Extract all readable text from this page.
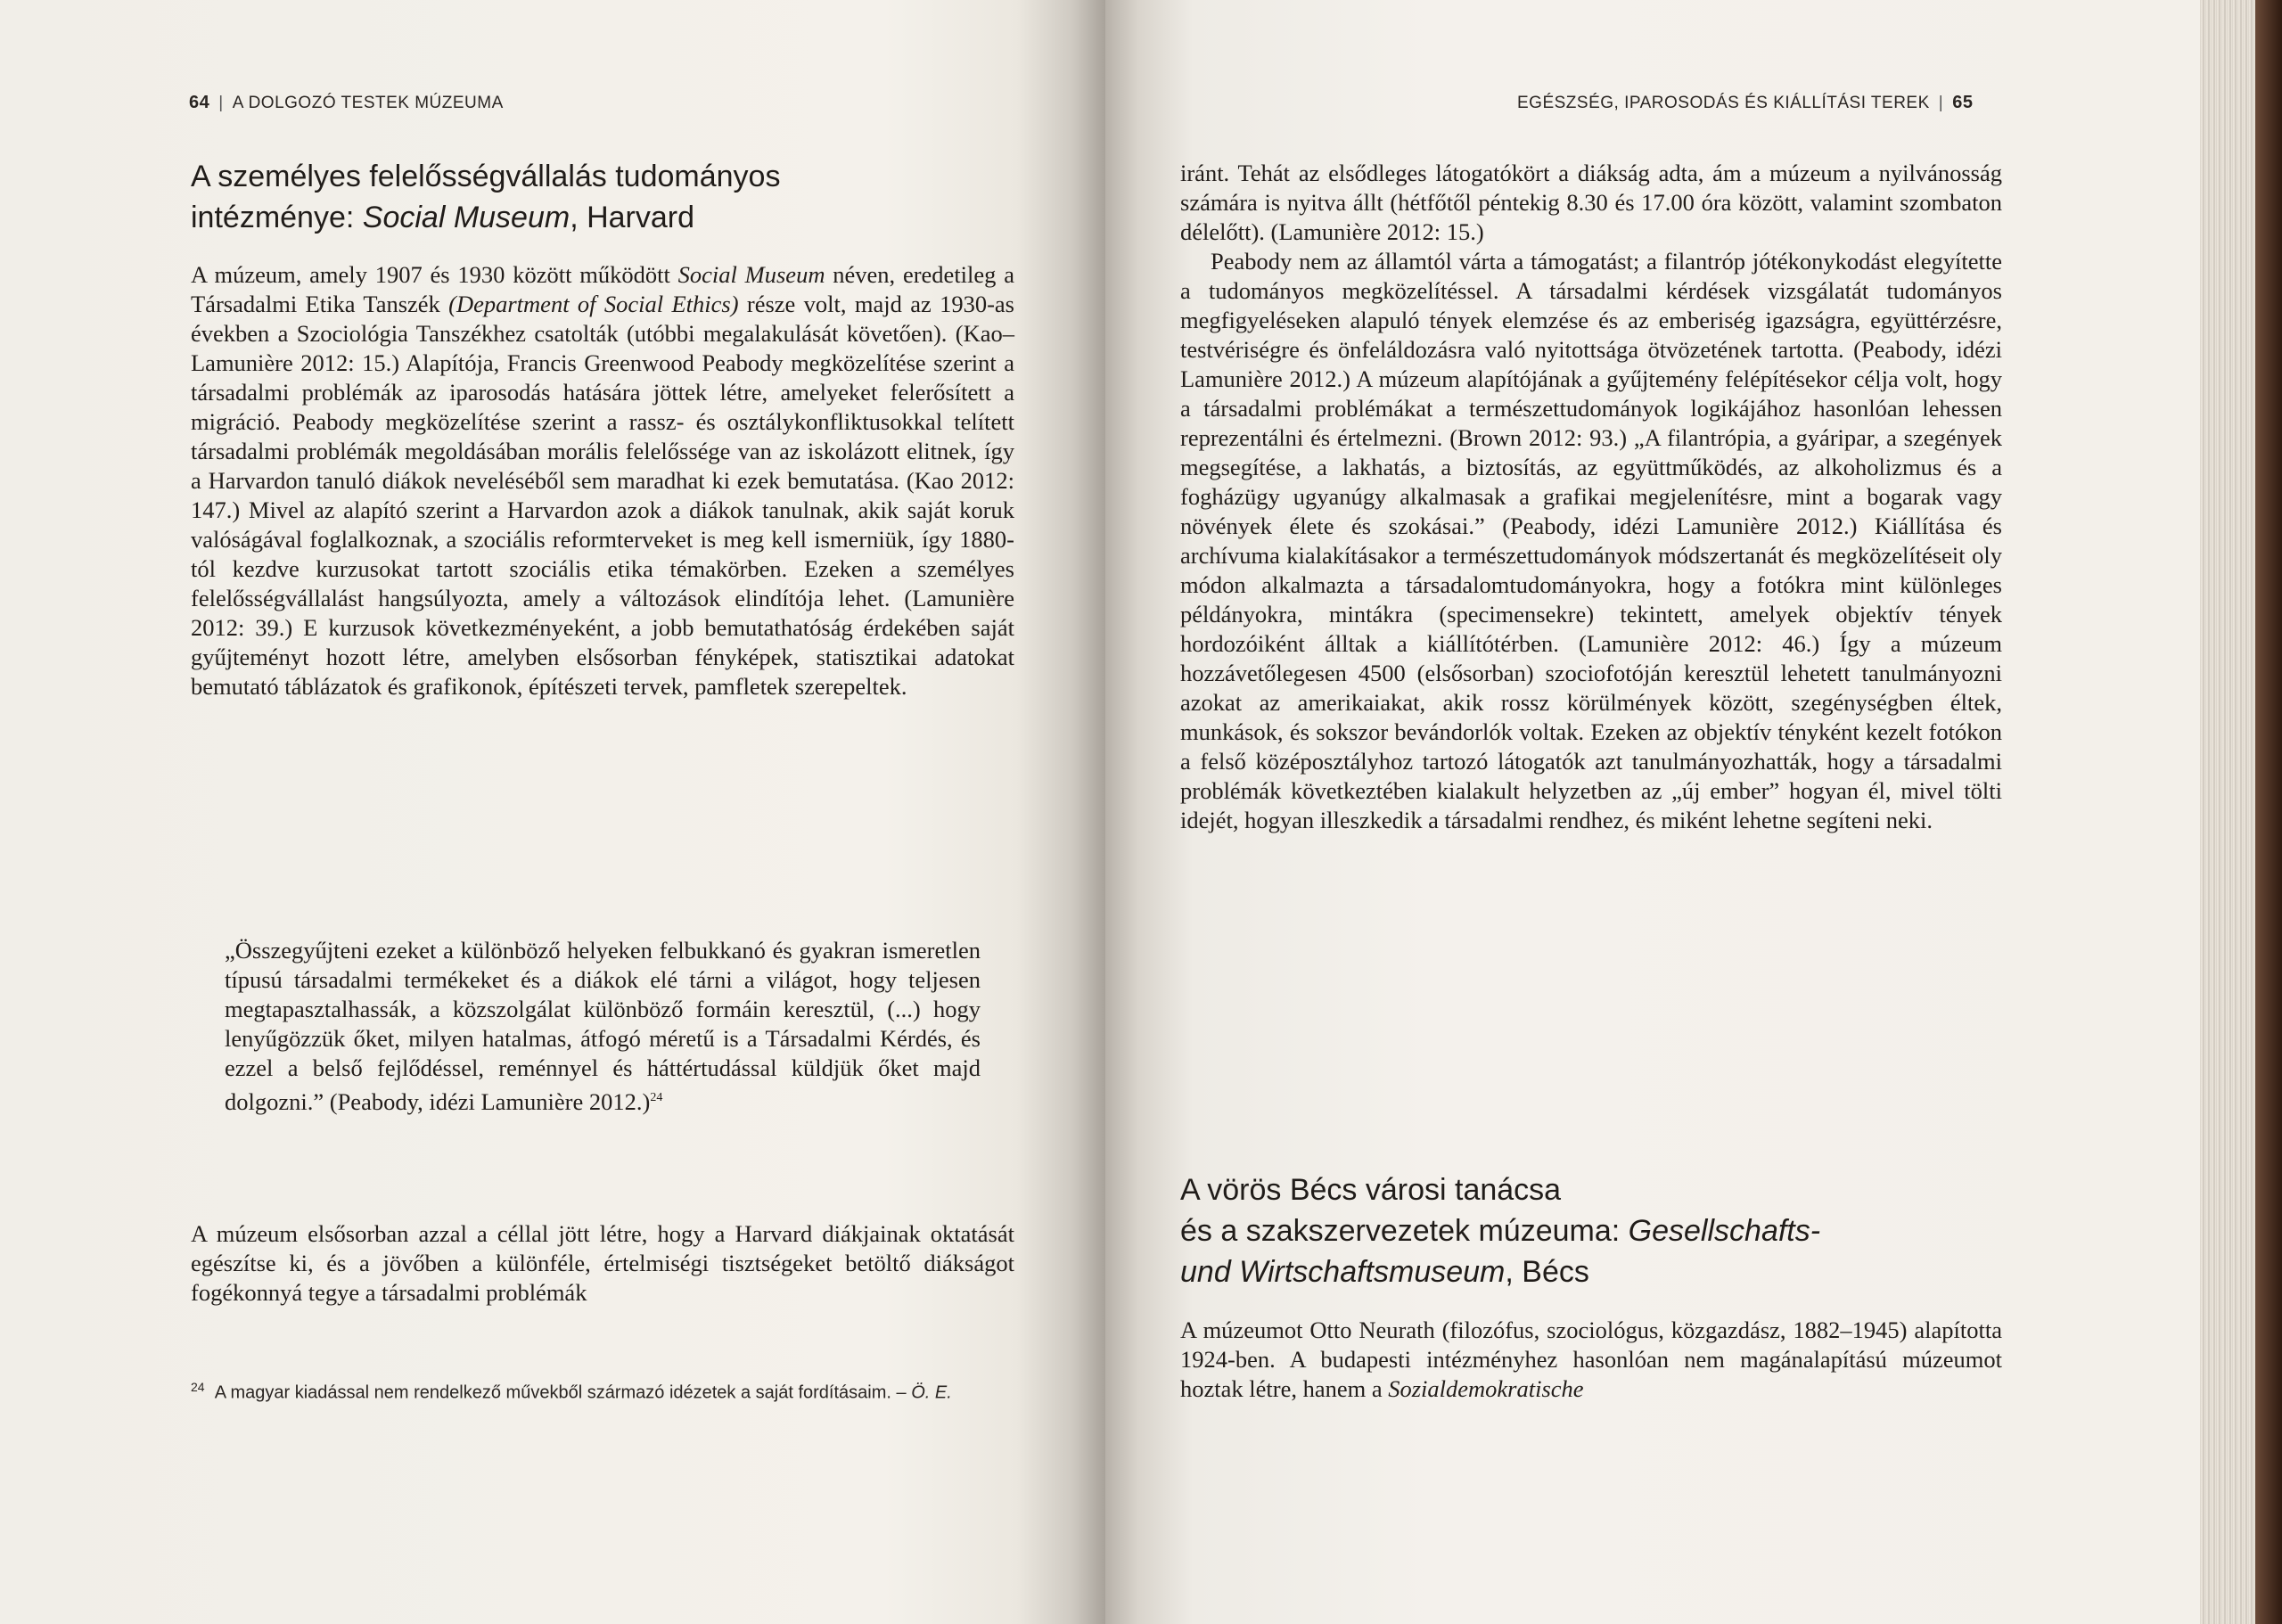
64 | A DOLGOZÓ TESTEK MÚZEUMA
A személyes felelősségvállalás tudományos
intézménye: Social Museum, Harvard

A múzeum, amely 1907 és 1930 között működött Social Museum néven, eredetileg a Társadalmi Etika Tanszék (Department of Social Ethics) része volt, majd az 1930-as években a Szociológia Tanszékhez csatolták (utóbbi megalakulását követően). (Kao–Lamunière 2012: 15.) Alapítója, Francis Greenwood Peabody megközelítése szerint a társadalmi problémák az iparosodás hatására jöttek létre, amelyeket felerősített a migráció. Peabody megközelítése szerint a rassz- és osztálykonfliktusokkal telített társadalmi problémák megoldásában morális felelőssége van az iskolázott elitnek, így a Harvardon tanuló diákok neveléséből sem maradhat ki ezek bemutatása. (Kao 2012: 147.) Mivel az alapító szerint a Harvardon azok a diákok tanulnak, akik saját koruk valóságával foglalkoznak, a szociális reformterveket is meg kell ismerniük, így 1880-tól kezdve kurzusokat tartott szociális etika témakörben. Ezeken a személyes felelősségvállalást hangsúlyozta, amely a változások elindítója lehet. (Lamunière 2012: 39.) E kurzusok következményeként, a jobb bemutathatóság érdekében saját gyűjteményt hozott létre, amelyben elsősorban fényképek, statisztikai adatokat bemutató táblázatok és grafikonok, építészeti tervek, pamfletek szerepeltek.

„Összegyűjteni ezeket a különböző helyeken felbukkanó és gyakran ismeretlen típusú társadalmi termékeket és a diákok elé tárni a világot, hogy teljesen megtapasztalhassák, a közszolgálat különböző formáin keresztül, (...) hogy lenyűgözzük őket, milyen hatalmas, átfogó méretű is a Társadalmi Kérdés, és ezzel a belső fejlődéssel, reménnyel és háttértudással küldjük őket majd dolgozni.” (Peabody, idézi Lamunière 2012.)$^{24}$

A múzeum elsősorban azzal a céllal jött létre, hogy a Harvard diákjainak oktatását egészítse ki, és a jövőben a különféle, értelmiségi tisztségeket betöltő diákságot fogékonnyá tegye a társadalmi problémák

$^{24}$ A magyar kiadással nem rendelkező művekből származó idézetek a saját fordításaim. – Ö. E.
EGÉSZSÉG, IPAROSODÁS ÉS KIÁLLÍTÁSI TEREK | 65

iránt. Tehát az elsődleges látogatókört a diákság adta, ám a múzeum a nyilvánosság számára is nyitva állt (hétfőtől péntekig 8.30 és 17.00 óra között, valamint szombaton délelőtt). (Lamunière 2012: 15.)

Peabody nem az államtól várta a támogatást; a filantróp jótékonykodást elegyítette a tudományos megközelítéssel. A társadalmi kérdések vizsgálatát tudományos megfigyeléseken alapuló tények elemzése és az emberiség igazságra, együttérzésre, testvériségre és önfeláldozásra való nyitottsága ötvözetének tartotta. (Peabody, idézi Lamunière 2012.) A múzeum alapítójának a gyűjtemény felépítésekor célja volt, hogy a társadalmi problémákat a természettudományok logikájához hasonlóan lehessen reprezentálni és értelmezni. (Brown 2012: 93.) „A filantrópia, a gyáripar, a szegények megsegítése, a lakhatás, a biztosítás, az együttműködés, az alkoholizmus és a fogházügy ugyanúgy alkalmasak a grafikai megjelenítésre, mint a bogarak vagy növények élete és szokásai.” (Peabody, idézi Lamunière 2012.) Kiállítása és archívuma kialakításakor a természettudományok módszertanát és megközelítéseit oly módon alkalmazta a társadalomtudományokra, hogy a fotókra mint különleges példányokra, mintákra (specimensekre) tekintett, amelyek objektív tények hordozóiként álltak a kiállítótérben. (Lamunière 2012: 46.) Így a múzeum hozzávetőlegesen 4500 (elsősorban) szociofotóján keresztül lehetett tanulmányozni azokat az amerikaiakat, akik rossz körülmények között, szegénységben éltek, munkások, és sokszor bevándorlók voltak. Ezeken az objektív tényként kezelt fotókon a felső középosztályhoz tartozó látogatók azt tanulmányozhatták, hogy a társadalmi problémák következtében kialakult helyzetben az „új ember” hogyan él, mivel tölti idejét, hogyan illeszkedik a társadalmi rendhez, és miként lehetne segíteni neki.

A vörös Bécs városi tanácsa
és a szakszervezetek múzeuma: Gesellschafts-
und Wirtschaftsmuseum, Bécs

A múzeumot Otto Neurath (filozófus, szociológus, közgazdász, 1882–1945) alapította 1924-ben. A budapesti intézményhez hasonlóan nem magánalapítású múzeumot hoztak létre, hanem a Sozialdemokratische
